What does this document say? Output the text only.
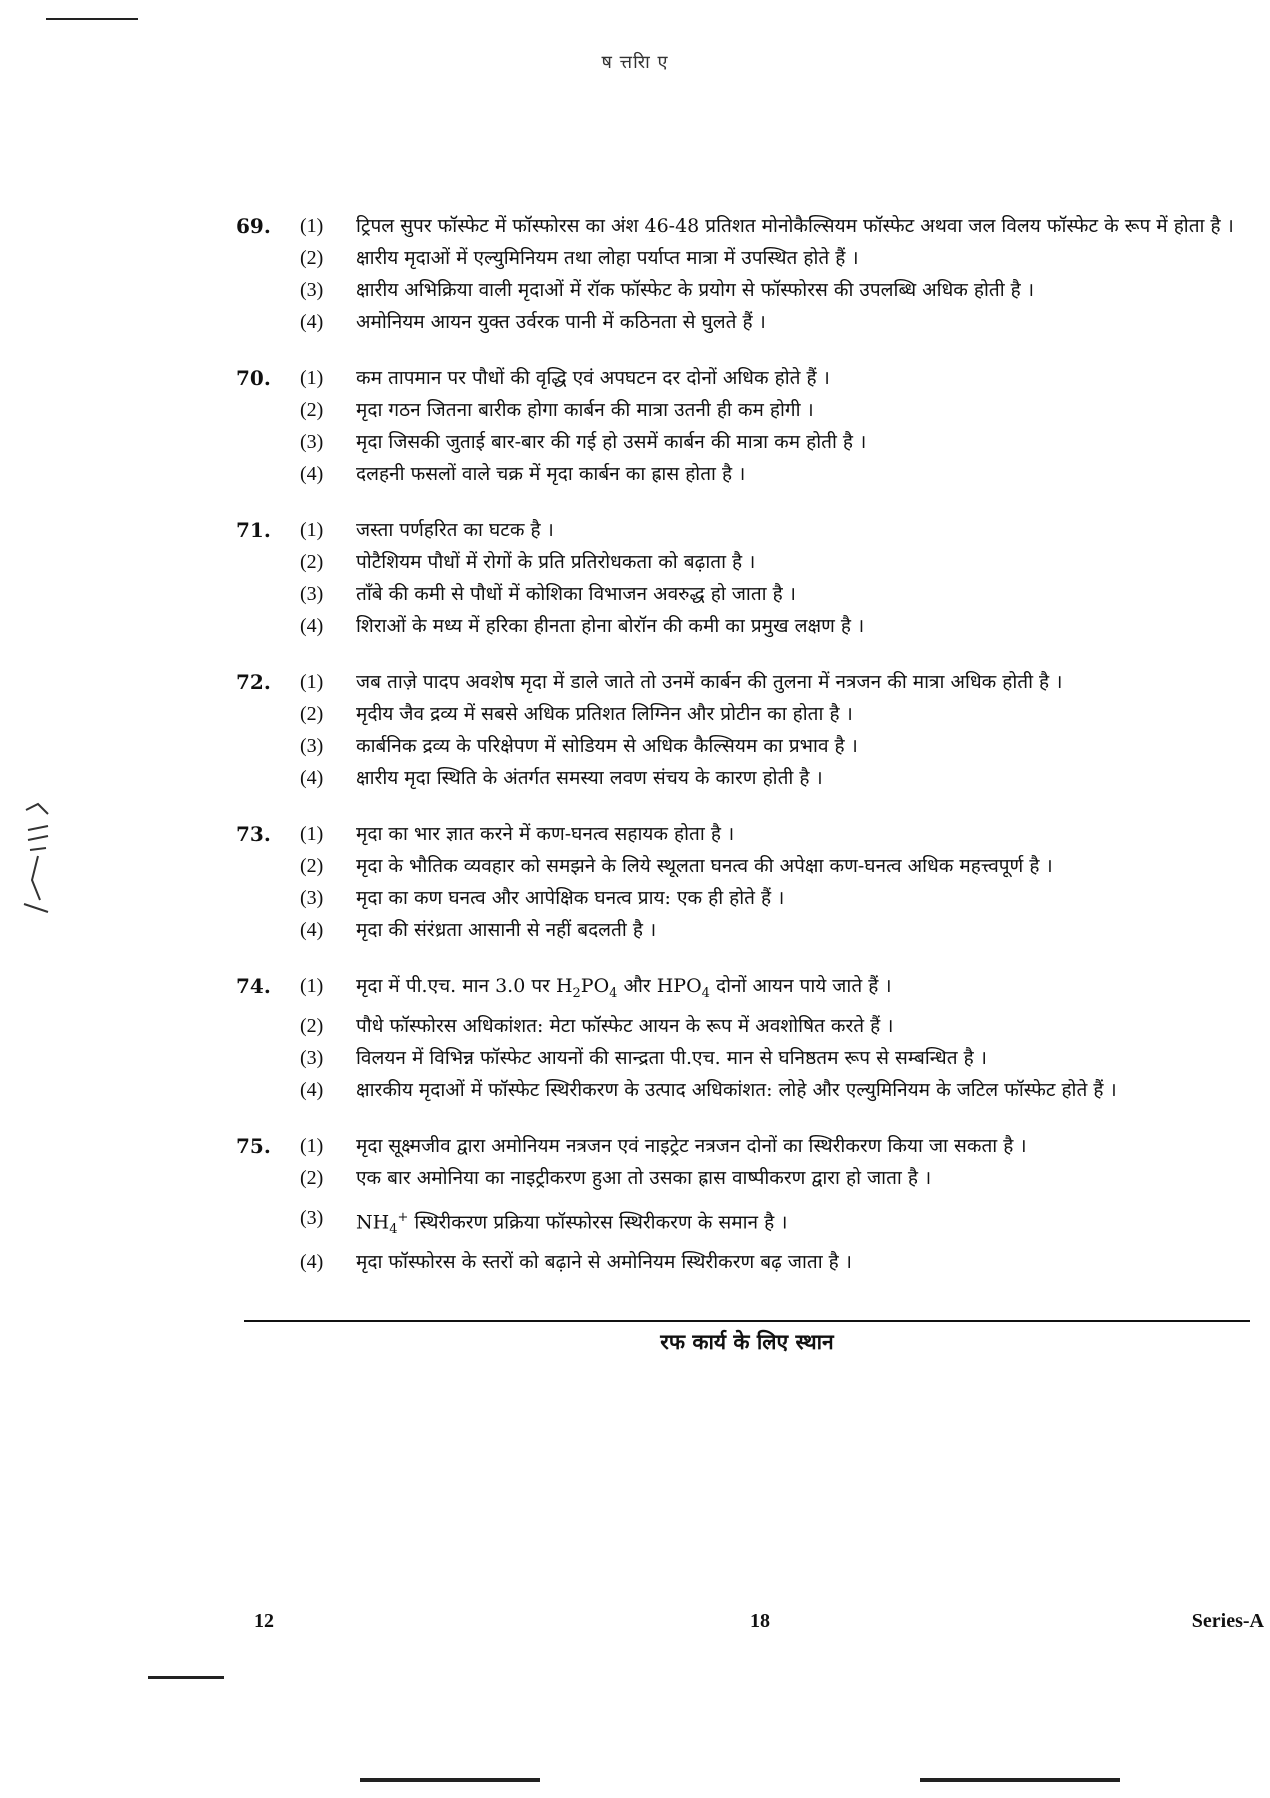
ष त्तरिा ए
69.	(1)	ट्रिपल सुपर फॉस्फेट में फॉस्फोरस का अंश 46-48 प्रतिशत मोनोकैल्सियम फॉस्फेट अथवा जल विलय फॉस्फेट के रूप में होता है ।
(2)	क्षारीय मृदाओं में एल्युमिनियम तथा लोहा पर्याप्त मात्रा में उपस्थित होते हैं ।
(3)	क्षारीय अभिक्रिया वाली मृदाओं में रॉक फॉस्फेट के प्रयोग से फॉस्फोरस की उपलब्धि अधिक होती है ।
(4)	अमोनियम आयन युक्त उर्वरक पानी में कठिनता से घुलते हैं ।
70.	(1)	कम तापमान पर पौधों की वृद्धि एवं अपघटन दर दोनों अधिक होते हैं ।
(2)	मृदा गठन जितना बारीक होगा कार्बन की मात्रा उतनी ही कम होगी ।
(3)	मृदा जिसकी जुताई बार-बार की गई हो उसमें कार्बन की मात्रा कम होती है ।
(4)	दलहनी फसलों वाले चक्र में मृदा कार्बन का ह्रास होता है ।
71.	(1)	जस्ता पर्णहरित का घटक है ।
(2)	पोटैशियम पौधों में रोगों के प्रति प्रतिरोधकता को बढ़ाता है ।
(3)	ताँबे की कमी से पौधों में कोशिका विभाजन अवरुद्ध हो जाता है ।
(4)	शिराओं के मध्य में हरिका हीनता होना बोरॉन की कमी का प्रमुख लक्षण है ।
72.	(1)	जब ताज़े पादप अवशेष मृदा में डाले जाते तो उनमें कार्बन की तुलना में नत्रजन की मात्रा अधिक होती है ।
(2)	मृदीय जैव द्रव्य में सबसे अधिक प्रतिशत लिग्निन और प्रोटीन का होता है ।
(3)	कार्बनिक द्रव्य के परिक्षेपण में सोडियम से अधिक कैल्सियम का प्रभाव है ।
(4)	क्षारीय मृदा स्थिति के अंतर्गत समस्या लवण संचय के कारण होती है ।
73.	(1)	मृदा का भार ज्ञात करने में कण-घनत्व सहायक होता है ।
(2)	मृदा के भौतिक व्यवहार को समझने के लिये स्थूलता घनत्व की अपेक्षा कण-घनत्व अधिक महत्त्वपूर्ण है ।
(3)	मृदा का कण घनत्व और आपेक्षिक घनत्व प्राय: एक ही होते हैं ।
(4)	मृदा की संरंध्रता आसानी से नहीं बदलती है ।
74.	(1)	मृदा में पी.एच. मान 3.0 पर $H_2PO_4$ और $HPO_4$ दोनों आयन पाये जाते हैं ।
(2)	पौधे फॉस्फोरस अधिकांशत: मेटा फॉस्फेट आयन के रूप में अवशोषित करते हैं ।
(3)	विलयन में विभिन्न फॉस्फेट आयनों की सान्द्रता पी.एच. मान से घनिष्ठतम रूप से सम्बन्धित है ।
(4)	क्षारकीय मृदाओं में फॉस्फेट स्थिरीकरण के उत्पाद अधिकांशत: लोहे और एल्युमिनियम के जटिल फॉस्फेट होते हैं ।
75.	(1)	मृदा सूक्ष्मजीव द्वारा अमोनियम नत्रजन एवं नाइट्रेट नत्रजन दोनों का स्थिरीकरण किया जा सकता है ।
(2)	एक बार अमोनिया का नाइट्रीकरण हुआ तो उसका ह्रास वाष्पीकरण द्वारा हो जाता है ।
(3)	$NH_4^+$ स्थिरीकरण प्रक्रिया फॉस्फोरस स्थिरीकरण के समान है ।
(4)	मृदा फॉस्फोरस के स्तरों को बढ़ाने से अमोनियम स्थिरीकरण बढ़ जाता है ।
रफ कार्य के लिए स्थान
12	18	Series-A
